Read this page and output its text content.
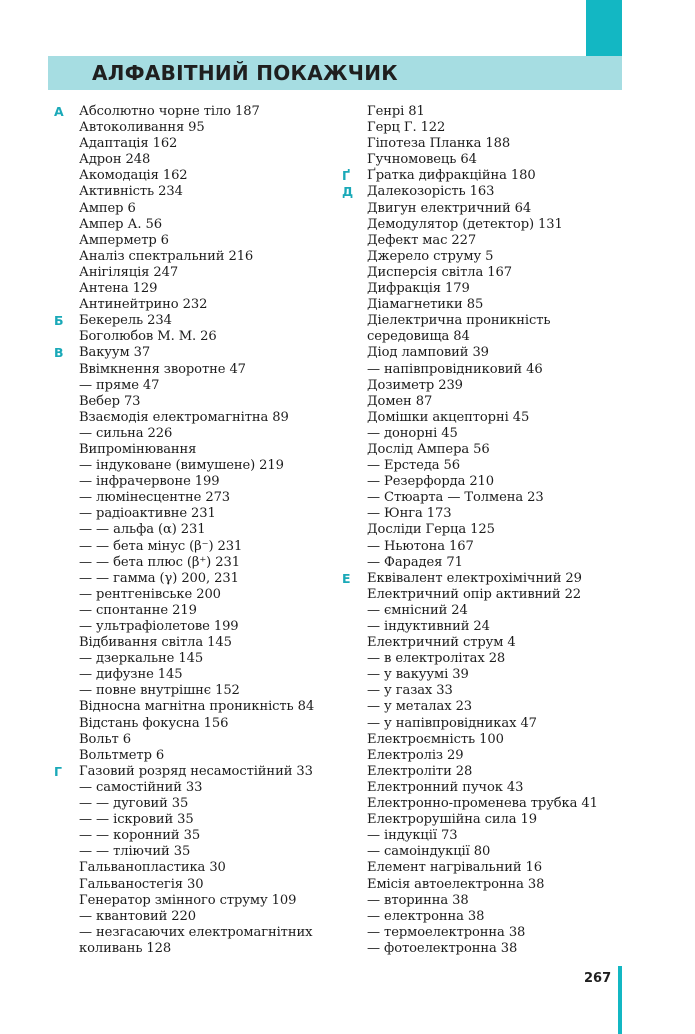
АЛФАВІТНИЙ ПОКАЖЧИК
А Абсолютно чорне тіло 187
Автоколивання 95
Адаптація 162
Адрон 248
Акомодація 162
Активність 234
Ампер 6
Ампер А. 56
Амперметр 6
Аналіз спектральний 216
Анігіляція 247
Антена 129
Антинейтрино 232
Б Бекерель 234
Боголюбов М. М. 26
В Вакуум 37
Ввімкнення зворотне 47
— пряме 47
Вебер 73
Взаємодія електромагнітна 89
— сильна 226
Випромінювання
— індуковане (вимушене) 219
— інфрачервоне 199
— люмінесцентне 273
— радіоактивне 231
— — альфа (α) 231
— — бета мінус (β⁻) 231
— — бета плюс (β⁺) 231
— — гамма (γ) 200, 231
— рентгенівське 200
— спонтанне 219
— ультрафіолетове 199
Відбивання світла 145
— дзеркальне 145
— дифузне 145
— повне внутрішнє 152
Відносна магнітна проникність 84
Відстань фокусна 156
Вольт 6
Вольтметр 6
Г Газовий розряд несамостійний 33
— самостійний 33
— — дуговий 35
— — іскровий 35
— — коронний 35
— — тліючий 35
Гальванопластика 30
Гальваностегія 30
Генератор змінного струму 109
— квантовий 220
— незгасаючих електромагнітних
коливань 128
Генрі 81
Герц Г. 122
Гіпотеза Планка 188
Гучномовець 64
Ґ Ґратка дифракційна 180
Д Далекозорість 163
Двигун електричний 64
Демодулятор (детектор) 131
Дефект мас 227
Джерело струму 5
Дисперсія світла 167
Дифракція 179
Діамагнетики 85
Діелектрична проникність
середовища 84
Діод ламповий 39
— напівпровідниковий 46
Дозиметр 239
Домен 87
Домішки акцепторні 45
— донорні 45
Дослід Ампера 56
— Ерстеда 56
— Резерфорда 210
— Стюарта — Толмена 23
— Юнга 173
Досліди Герца 125
— Ньютона 167
— Фарадея 71
Е Еквівалент електрохімічний 29
Електричний опір активний 22
— ємнісний 24
— індуктивний 24
Електричний струм 4
— в електролітах 28
— у вакуумі 39
— у газах 33
— у металах 23
— у напівпровідниках 47
Електроємність 100
Електроліз 29
Електроліти 28
Електронний пучок 43
Електронно-променева трубка 41
Електрорушійна сила 19
— індукції 73
— самоіндукції 80
Елемент нагрівальний 16
Емісія автоелектронна 38
— вторинна 38
— електронна 38
— термоелектронна 38
— фотоелектронна 38
267
